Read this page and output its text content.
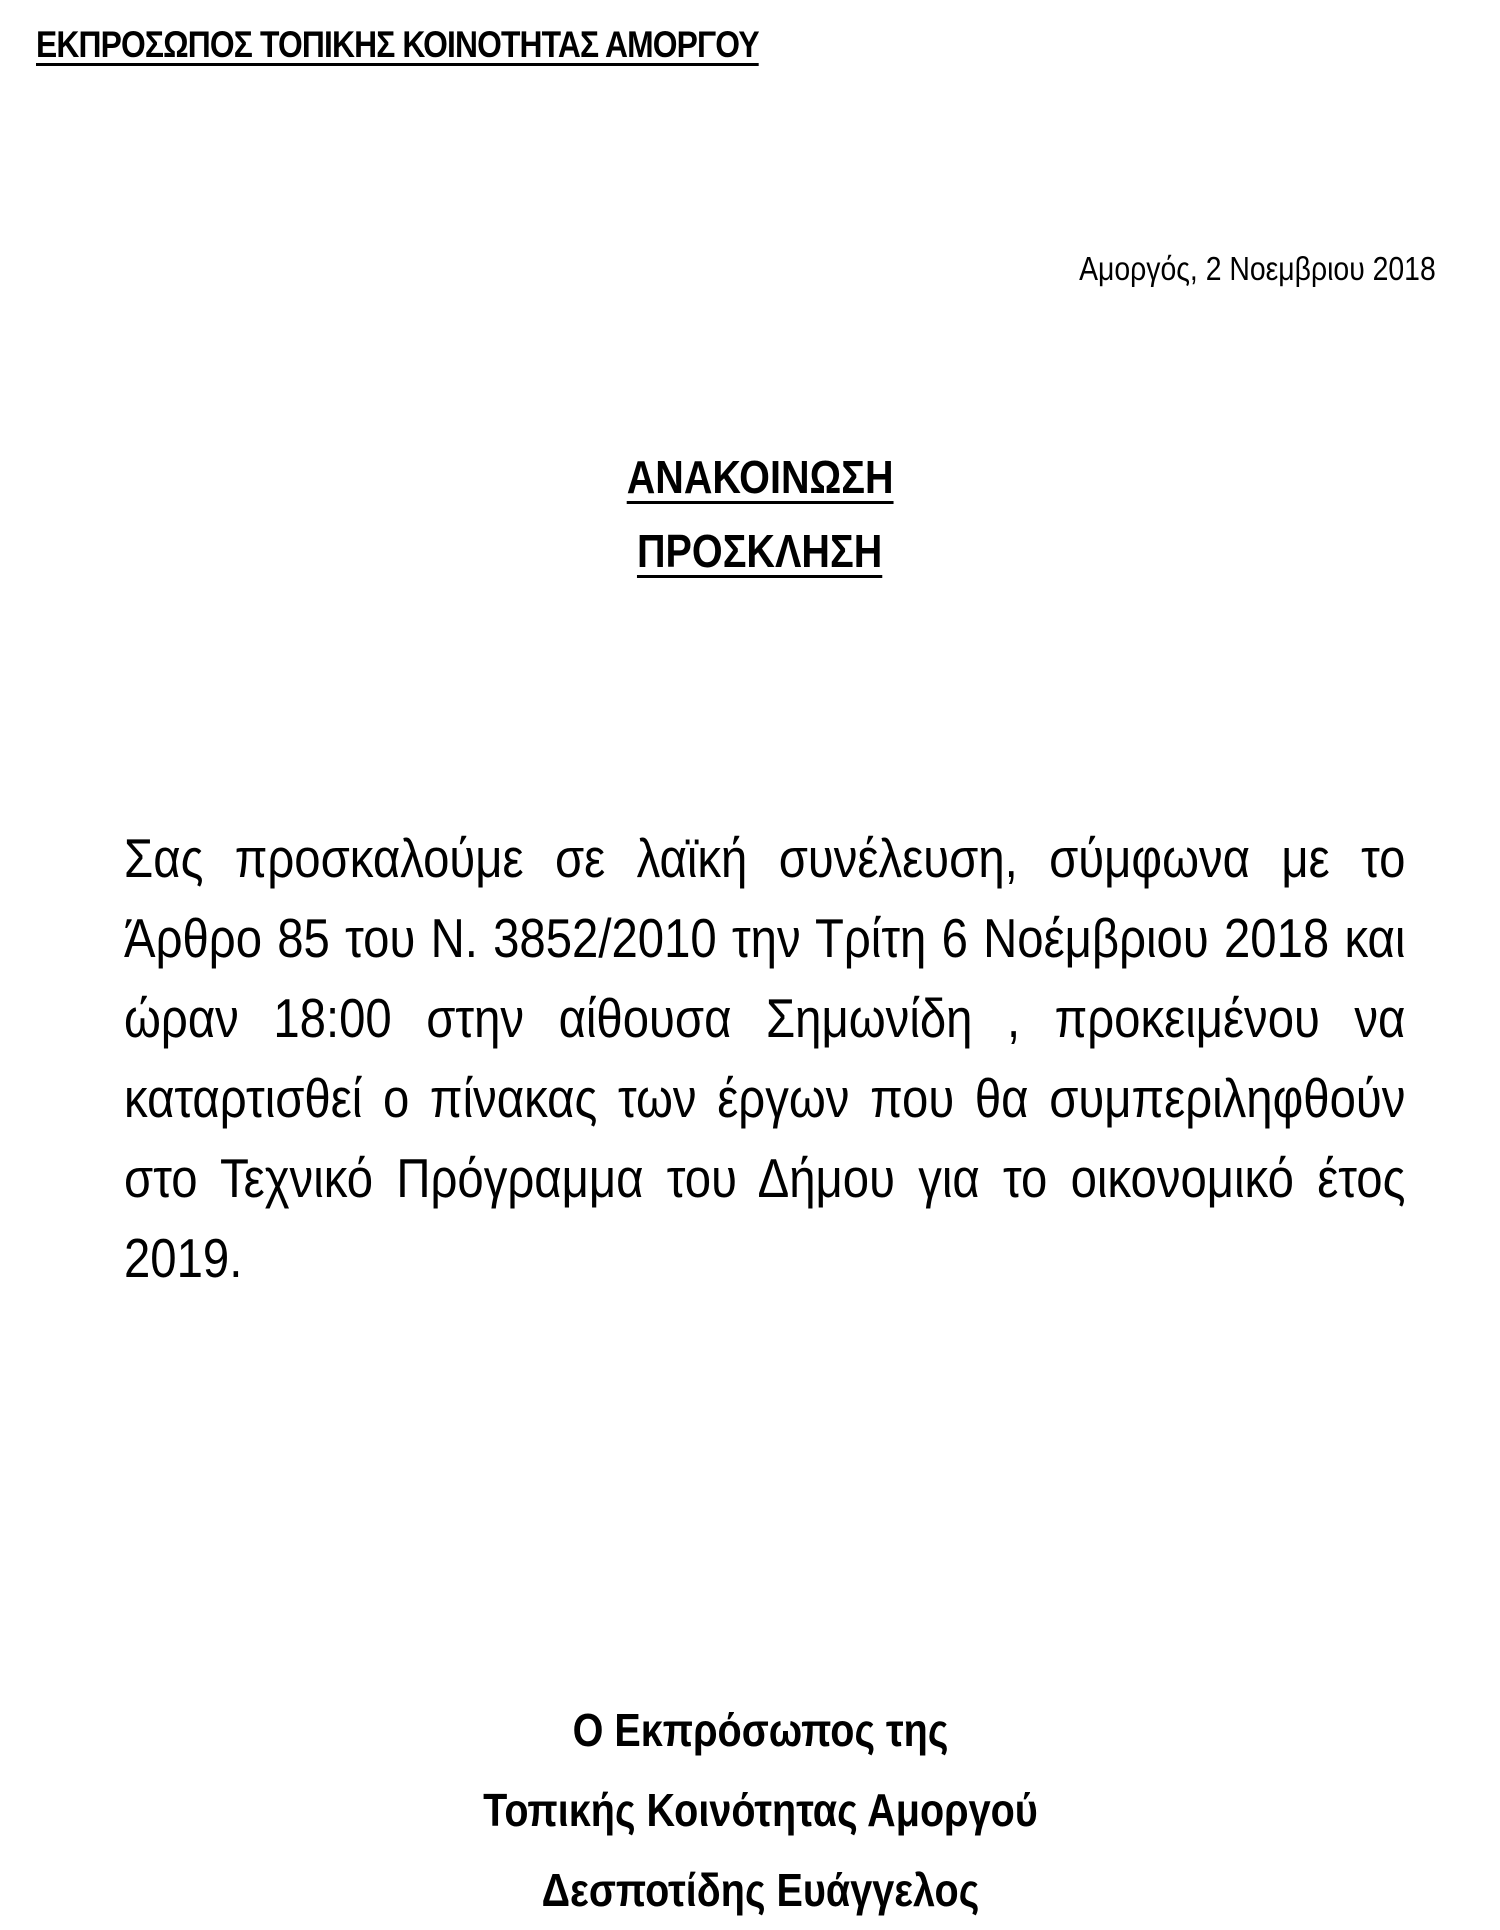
ΕΚΠΡΟΣΩΠΟΣ ΤΟΠΙΚΗΣ ΚΟΙΝΟΤΗΤΑΣ ΑΜΟΡΓΟΥ
Αμοργός, 2 Νοεμβριου 2018
ΑΝΑΚΟΙΝΩΣΗ
ΠΡΟΣΚΛΗΣΗ
Σας προσκαλούμε σε λαϊκή συνέλευση, σύμφωνα με το Άρθρο 85 του Ν. 3852/2010 την Τρίτη 6 Νοέμβριου 2018 και ώραν 18:00 στην αίθουσα Σημωνίδη , προκειμένου να καταρτισθεί ο πίνακας των έργων που θα συμπεριληφθούν στο Τεχνικό Πρόγραμμα του Δήμου για το οικονομικό έτος 2019.
Ο Εκπρόσωπος της
Τοπικής Κοινότητας Αμοργού
Δεσποτίδης Ευάγγελος
